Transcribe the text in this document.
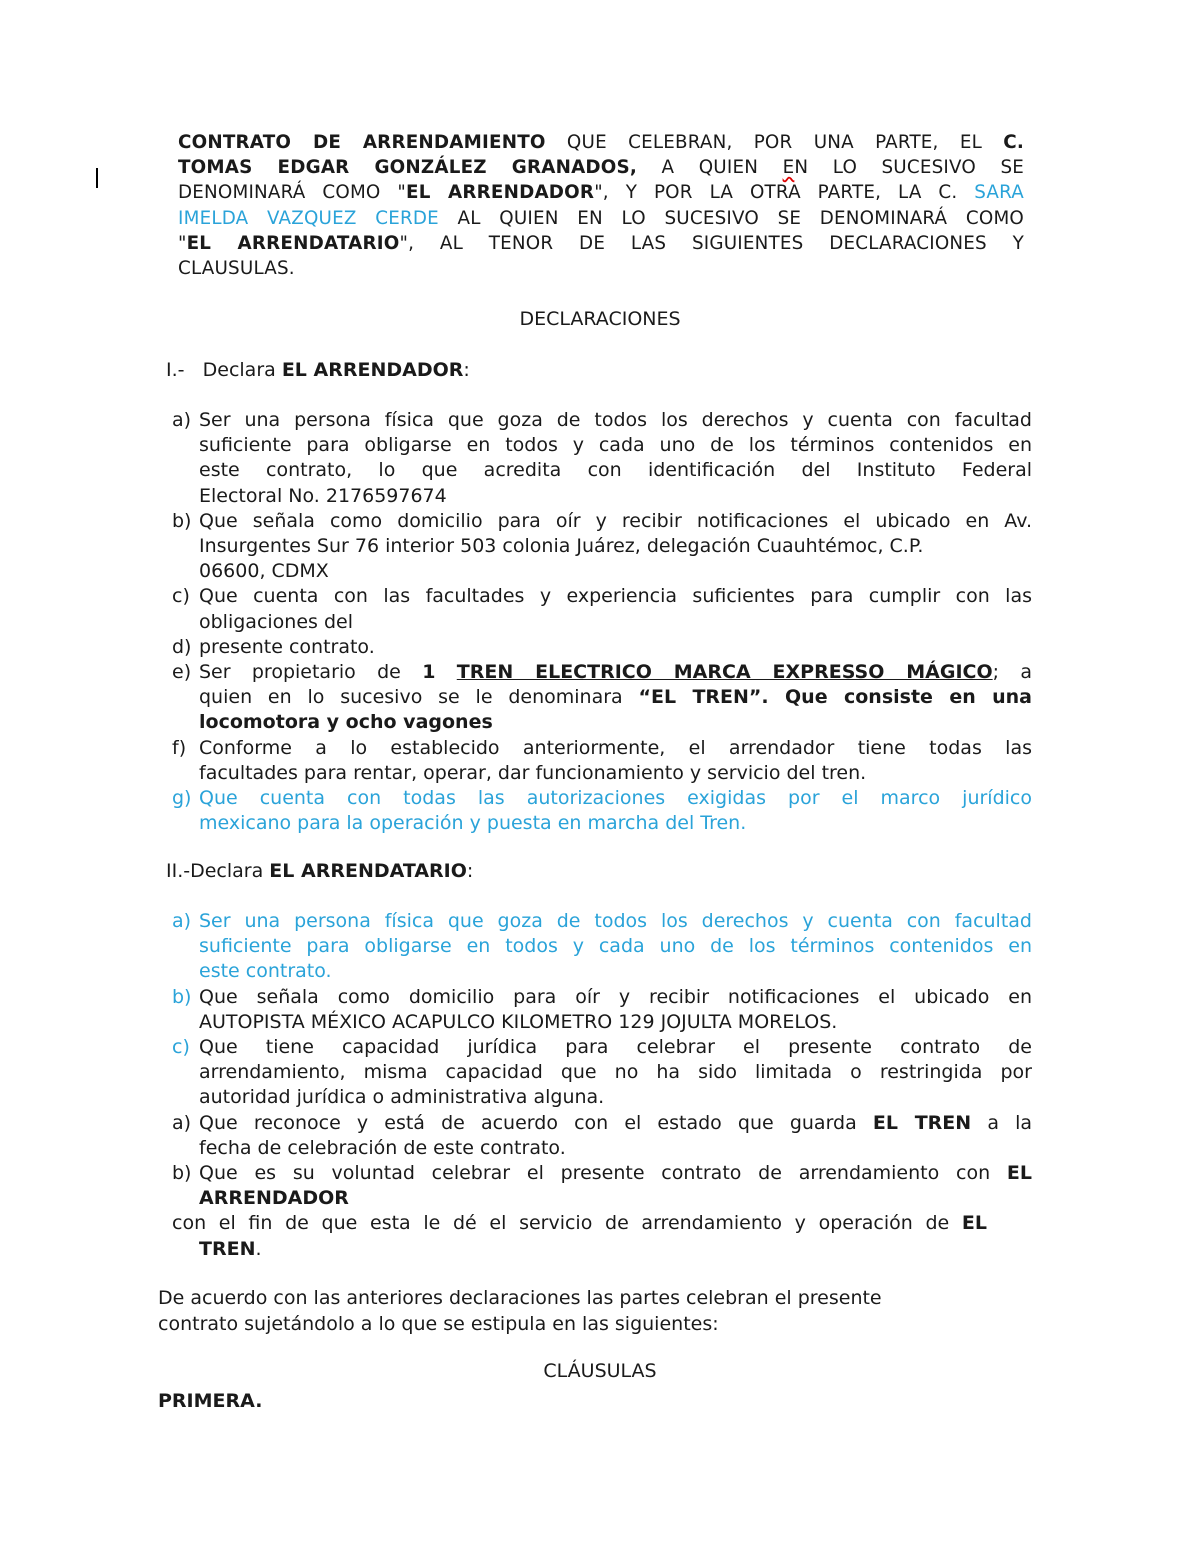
CONTRATO DE ARRENDAMIENTO QUE CELEBRAN, POR UNA PARTE, EL C.
TOMAS EDGAR GONZÁLEZ GRANADOS, A QUIEN EN LO SUCESIVO SE
DENOMINARÁ COMO "EL ARRENDADOR", Y POR LA OTRA PARTE, LA C. SARA
IMELDA VAZQUEZ CERDE AL QUIEN EN LO SUCESIVO SE DENOMINARÁ COMO
"EL ARRENDATARIO", AL TENOR DE LAS SIGUIENTES DECLARACIONES Y
CLAUSULAS.
DECLARACIONES
I.- Declara EL ARRENDADOR:
a) Ser una persona física que goza de todos los derechos y cuenta con facultad
suficiente para obligarse en todos y cada uno de los términos contenidos en
este contrato, lo que acredita con identificación del Instituto Federal
Electoral No. 2176597674
b) Que señala como domicilio para oír y recibir notificaciones el ubicado en Av.
Insurgentes Sur 76 interior 503 colonia Juárez, delegación Cuauhtémoc, C.P.
06600, CDMX
c) Que cuenta con las facultades y experiencia suficientes para cumplir con las
obligaciones del
d) presente contrato.
e) Ser propietario de 1 TREN ELECTRICO MARCA EXPRESSO MÁGICO; a
quien en lo sucesivo se le denominara “EL TREN”. Que consiste en una
locomotora y ocho vagones
f) Conforme a lo establecido anteriormente, el arrendador tiene todas las
facultades para rentar, operar, dar funcionamiento y servicio del tren.
g) Que cuenta con todas las autorizaciones exigidas por el marco jurídico
mexicano para la operación y puesta en marcha del Tren.
II.-Declara EL ARRENDATARIO:
a) Ser una persona física que goza de todos los derechos y cuenta con facultad
suficiente para obligarse en todos y cada uno de los términos contenidos en
este contrato.
b) Que señala como domicilio para oír y recibir notificaciones el ubicado en
AUTOPISTA MÉXICO ACAPULCO KILOMETRO 129 JOJULTA MORELOS.
c) Que tiene capacidad jurídica para celebrar el presente contrato de
arrendamiento, misma capacidad que no ha sido limitada o restringida por
autoridad jurídica o administrativa alguna.
a) Que reconoce y está de acuerdo con el estado que guarda EL TREN a la
fecha de celebración de este contrato.
b) Que es su voluntad celebrar el presente contrato de arrendamiento con EL
ARRENDADOR
con el fin de que esta le dé el servicio de arrendamiento y operación de EL
TREN.
De acuerdo con las anteriores declaraciones las partes celebran el presente
contrato sujetándolo a lo que se estipula en las siguientes:
CLÁUSULAS
PRIMERA.
